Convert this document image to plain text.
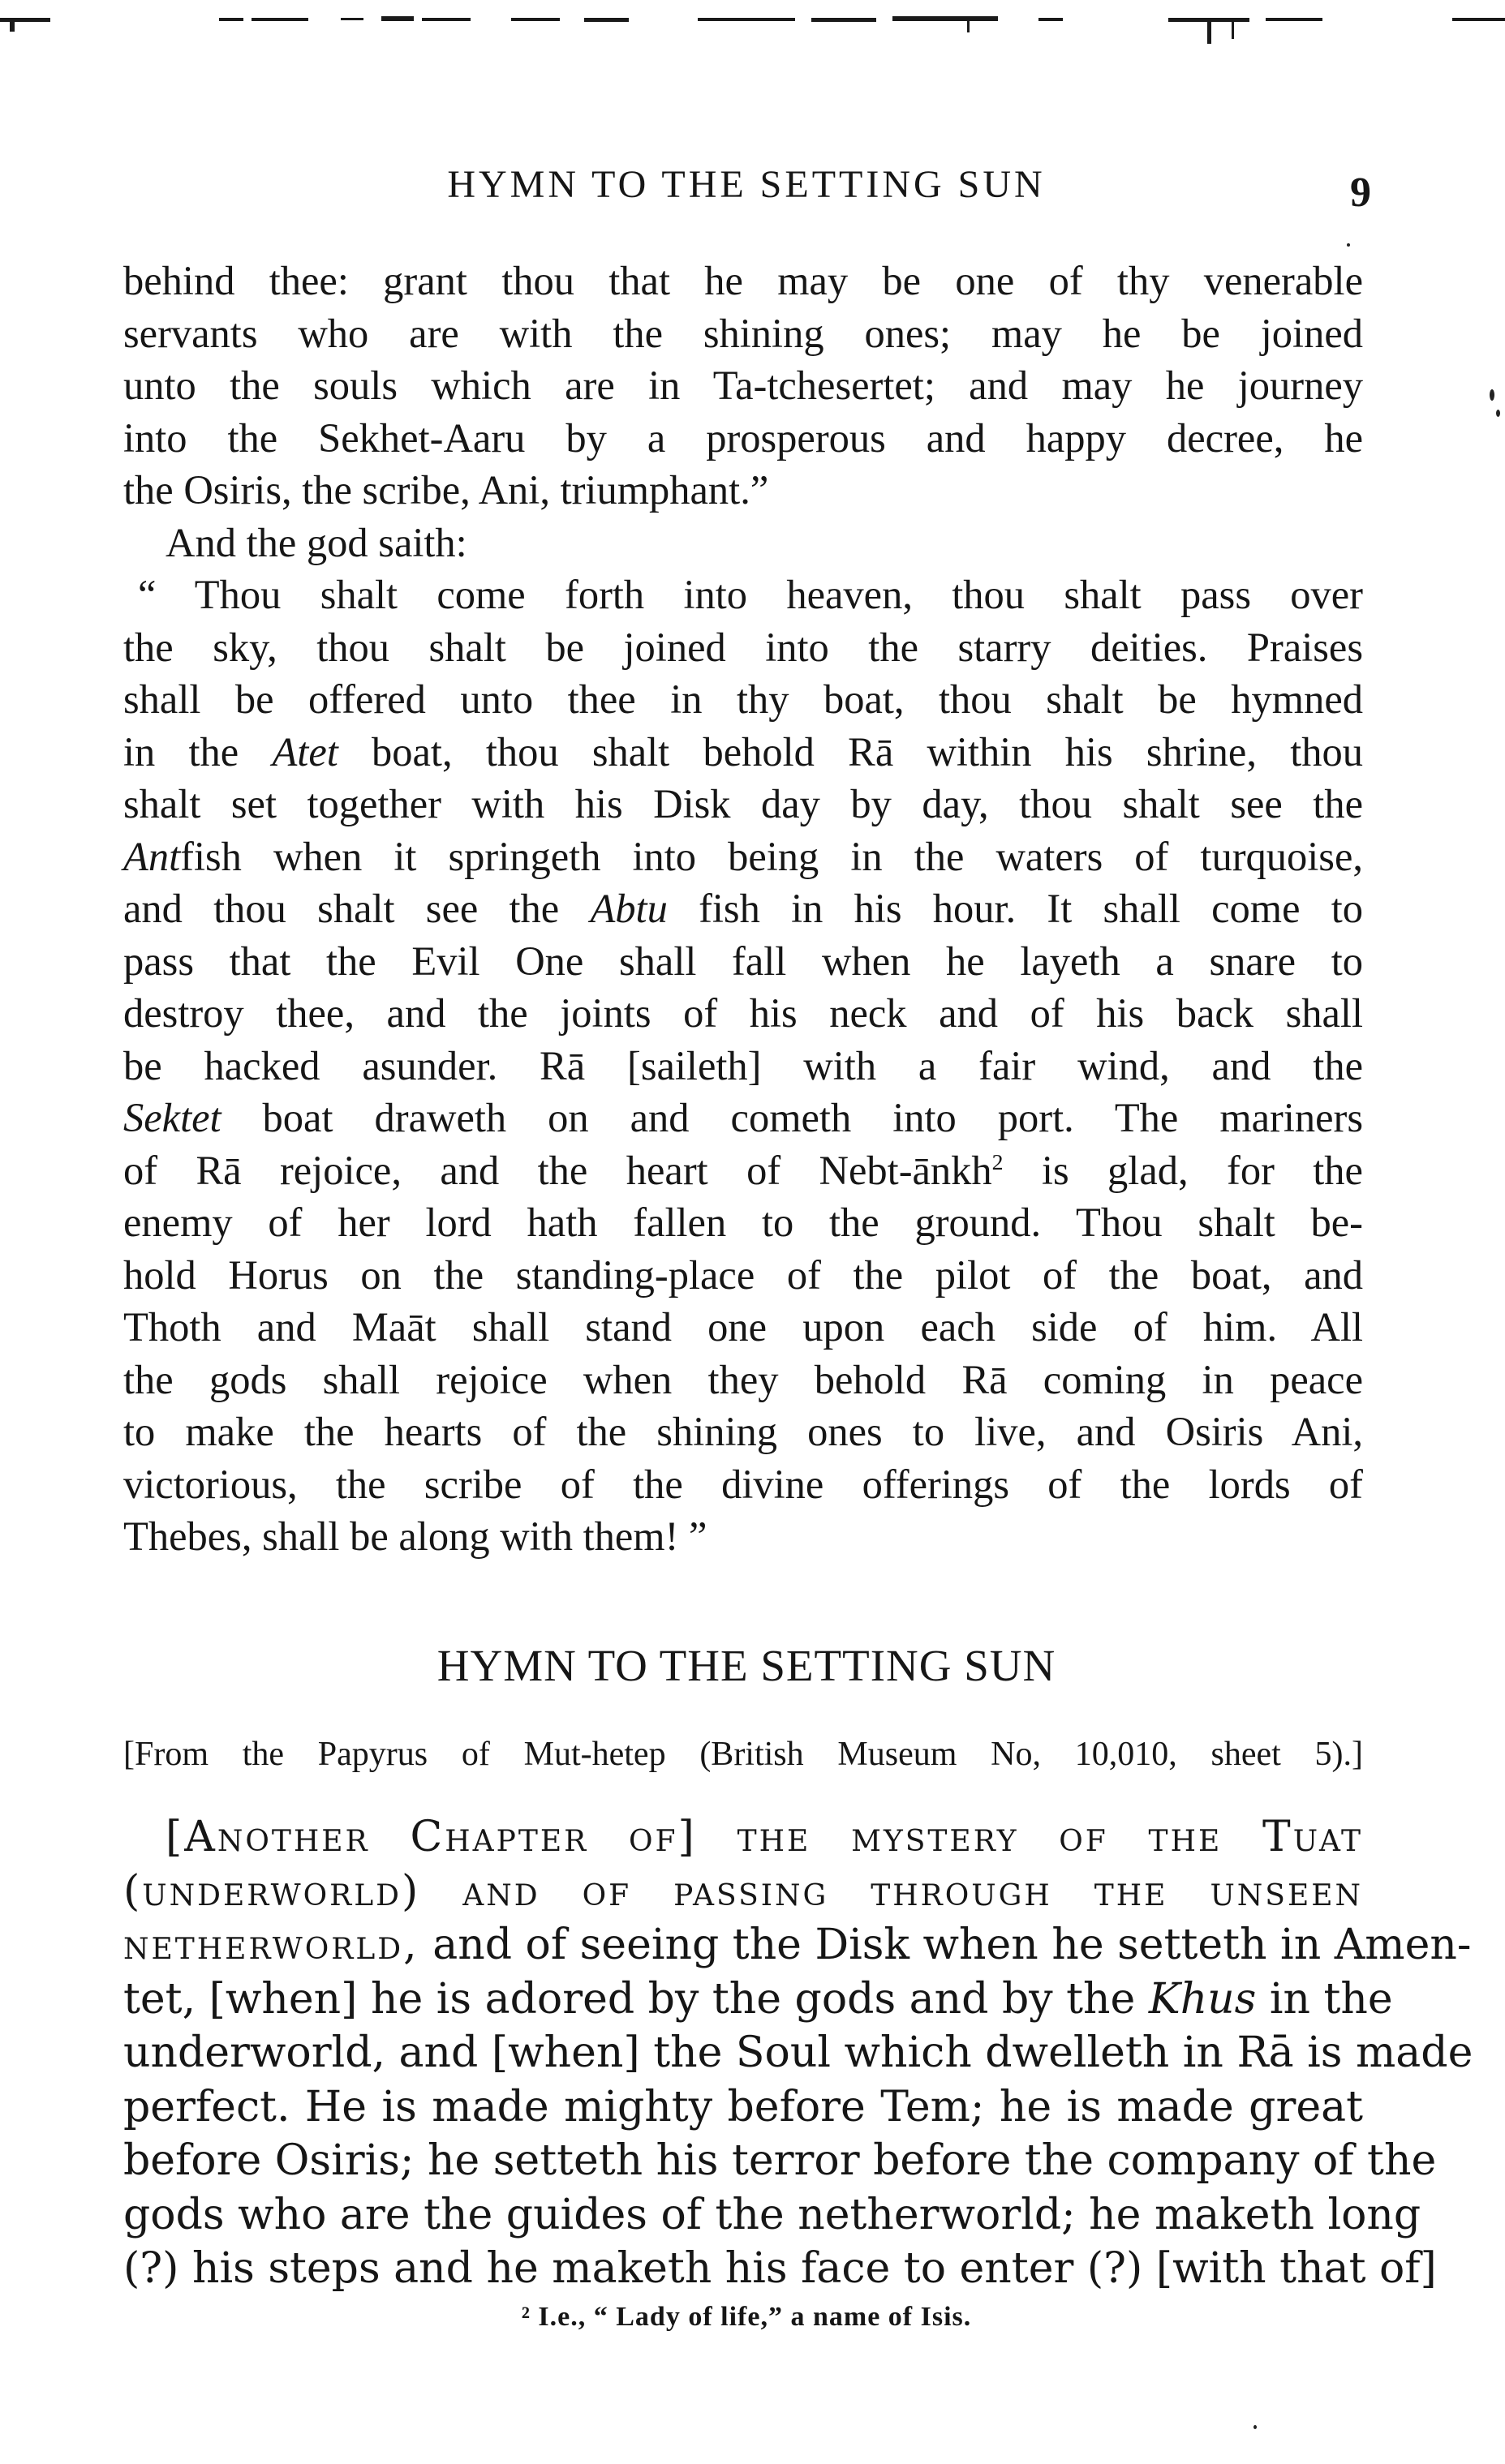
HYMN TO THE SETTING SUN	9
behind thee: grant thou that he may be one of thy venerable
servants who are with the shining ones; may he be joined
unto the souls which are in Ta-tchesertet; and may he journey
into the Sekhet-Aaru by a prosperous and happy decree, he
the Osiris, the scribe, Ani, triumphant.”
And the god saith:
“ Thou shalt come forth into heaven, thou shalt pass over
the sky, thou shalt be joined into the starry deities. Praises
shall be offered unto thee in thy boat, thou shalt be hymned
in the Atet boat, thou shalt behold Rā within his shrine, thou
shalt set together with his Disk day by day, thou shalt see the
Antfish when it springeth into being in the waters of turquoise,
and thou shalt see the Abtu fish in his hour. It shall come to
pass that the Evil One shall fall when he layeth a snare to
destroy thee, and the joints of his neck and of his back shall
be hacked asunder. Rā [saileth] with a fair wind, and the
Sektet boat draweth on and cometh into port. The mariners
of Rā rejoice, and the heart of Nebt-ānkh$^2$ is glad, for the
enemy of her lord hath fallen to the ground. Thou shalt be-
hold Horus on the standing-place of the pilot of the boat, and
Thoth and Maāt shall stand one upon each side of him. All
the gods shall rejoice when they behold Rā coming in peace
to make the hearts of the shining ones to live, and Osiris Ani,
victorious, the scribe of the divine offerings of the lords of
Thebes, shall be along with them! ”
HYMN TO THE SETTING SUN
[From the Papyrus of Mut-hetep (British Museum No, 10,010, sheet 5).]
[Another Chapter of] the mystery of the Tuat
(underworld) and of passing through the unseen
netherworld, and of seeing the Disk when he setteth in Amen-
tet, [when] he is adored by the gods and by the Khus in the
underworld, and [when] the Soul which dwelleth in Rā is made
perfect. He is made mighty before Tem; he is made great
before Osiris; he setteth his terror before the company of the
gods who are the guides of the netherworld; he maketh long
(?) his steps and he maketh his face to enter (?) [with that of]
² I.e., “ Lady of life,” a name of Isis.
